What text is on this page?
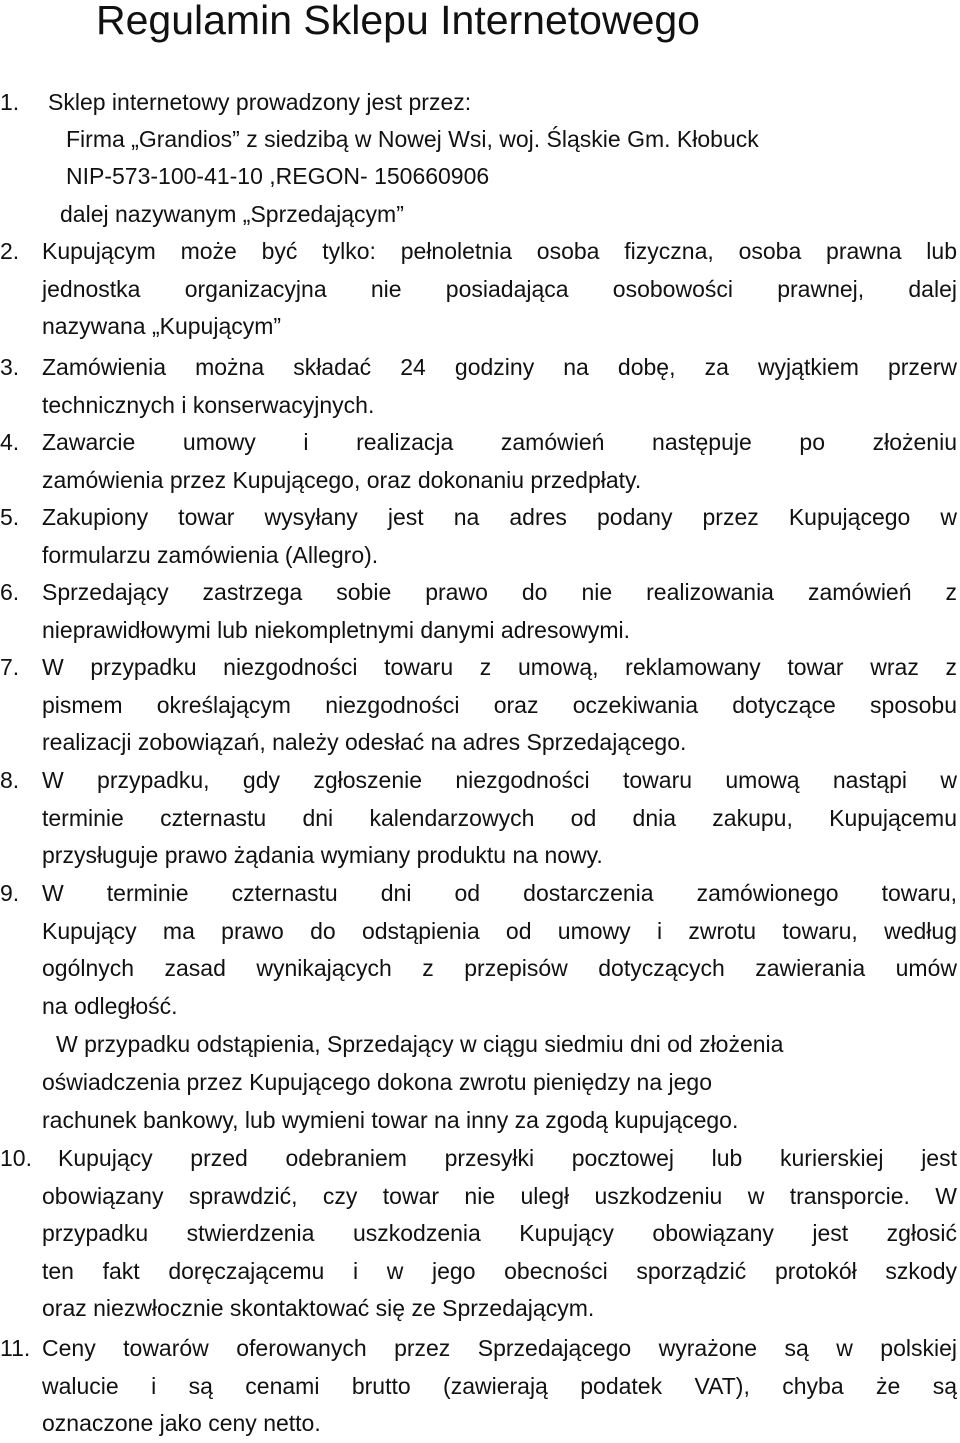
Regulamin Sklepu Internetowego
1.	Sklep internetowy prowadzony jest przez:
Firma „Grandios” z siedzibą w Nowej Wsi, woj. Śląskie Gm. Kłobuck
NIP-573-100-41-10 ,REGON- 150660906
dalej nazywanym „Sprzedającym”
2. Kupującym może być tylko: pełnoletnia osoba fizyczna, osoba prawna lub
jednostka organizacyjna nie posiadająca osobowości prawnej, dalej
nazywana „Kupującym”
3. Zamówienia można składać 24 godziny na dobę, za wyjątkiem przerw
technicznych i konserwacyjnych.
4. Zawarcie umowy i realizacja zamówień następuje po złożeniu
zamówienia przez Kupującego, oraz dokonaniu przedpłaty.
5. Zakupiony towar wysyłany jest na adres podany przez Kupującego w
formularzu zamówienia (Allegro).
6. Sprzedający zastrzega sobie prawo do nie realizowania zamówień z
nieprawidłowymi lub niekompletnymi danymi adresowymi.
7. W przypadku niezgodności towaru z umową, reklamowany towar wraz z
pismem określającym niezgodności oraz oczekiwania dotyczące sposobu
realizacji zobowiązań, należy odesłać na adres Sprzedającego.
8. W przypadku, gdy zgłoszenie niezgodności towaru umową nastąpi w
terminie czternastu dni kalendarzowych od dnia zakupu, Kupującemu
przysługuje prawo żądania wymiany produktu na nowy.
9. W terminie czternastu dni od dostarczenia zamówionego towaru,
Kupujący ma prawo do odstąpienia od umowy i zwrotu towaru, według
ogólnych zasad wynikających z przepisów dotyczących zawierania umów
na odległość.
W przypadku odstąpienia, Sprzedający w ciągu siedmiu dni od złożenia
oświadczenia przez Kupującego dokona zwrotu pieniędzy na jego
rachunek bankowy, lub wymieni towar na inny za zgodą kupującego.
10.	Kupujący przed odebraniem przesyłki pocztowej lub kurierskiej jest
obowiązany sprawdzić, czy towar nie uległ uszkodzeniu w transporcie. W
przypadku stwierdzenia uszkodzenia Kupujący obowiązany jest zgłosić
ten fakt doręczającemu i w jego obecności sporządzić protokół szkody
oraz niezwłocznie skontaktować się ze Sprzedającym.
11. Ceny towarów oferowanych przez Sprzedającego wyrażone są w polskiej
walucie i są cenami brutto (zawierają podatek VAT), chyba że są
oznaczone jako ceny netto.
